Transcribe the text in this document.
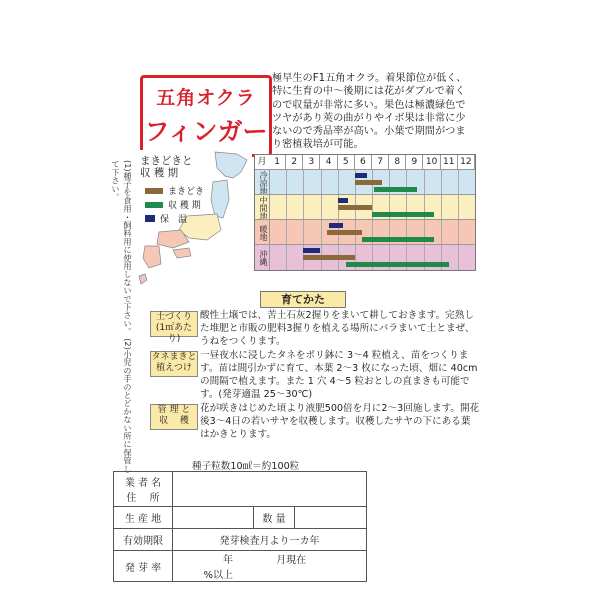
(1)種子を食用・飼料用に使用しないで下さい。 (2)小児の手のとどかない所に保管して下さい。
五角オクラ
フィンガー
極早生のF1五角オクラ。着果節位が低く、特に生育の中～後期には花がダブルで着くので収量が非常に多い。果色は極濃緑色でツヤがあり莢の曲がりやイボ果は非常に少ないので秀品率が高い。小葉で期間がつまり密植栽培が可能。
まきどきと
収 穫 期
まきどき
収 穫 期
保　温
月 1	2	3	4	5	6	7	8	9 10 11 12
冷涼地
中間地
暖地
沖縄
育てかた
土づくり
(1㎡あたり)
酸性土壌では、苦土石灰2握りをまいて耕しておきます。完熟した堆肥と市販の肥料3握りを植える場所にバラまいて土とまぜ、うねをつくります。
タネまきと
植えつけ
一昼夜水に浸したタネをポリ鉢に 3～4 粒植え、苗をつくります。苗は間引かずに育て、本葉 2～3 枚になった頃、畑に 40cm の間隔で植えます。また 1 穴 4～5 粒おとしの直まきも可能です。(発芽適温 25～30℃)
管 理 と
収　 穫
花が咲きはじめた頃より液肥500倍を月に2～3回施します。開花後3～4日の若いサヤを収穫します。収穫したサヤの下にある葉はかきとります。
種子粒数10㎖＝約100粒
業 者 名
住　 所			

生 産 地		数 量	
有効期限	発芽検査月より一カ年		
発 芽 率	年 月現在 %以上		
